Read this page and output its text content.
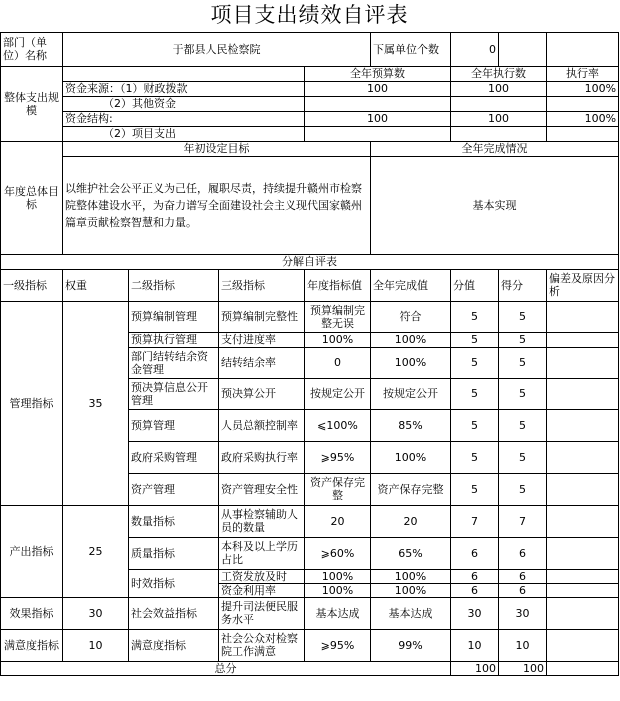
项目支出绩效自评表								
部门（单位）名称	于都县人民检察院				下属单位个数	0		
整体支出规模				全年预算数		全年执行数		执行率
	资金来源：（1）财政拨款			100		100		100%
	（2）其他资金							
	资金结构:			100		100		100%
	（2）项目支出							
年度总体目标	年初设定目标				全年完成情况			
	以维护社会公平正义为己任，履职尽责，持续提升赣州市检察院整体建设水平，为奋力谱写全面建设社会主义现代国家赣州篇章贡献检察智慧和力量。				基本实现			
分解自评表								
一级指标	权重	二级指标	三级指标	年度指标值	全年完成值	分值	得分	偏差及原因分析
管理指标	35	预算编制管理	预算编制完整性	预算编制完整无误	符合	5	5	
		预算执行管理	支付进度率	100%	100%	5	5	
		部门结转结余资金管理	结转结余率	0	100%	5	5	
		预决算信息公开管理	预决算公开	按规定公开	按规定公开	5	5	
		预算管理	人员总额控制率	⩽100%	85%	5	5	
		政府采购管理	政府采购执行率	⩾95%	100%	5	5	
		资产管理	资产管理安全性	资产保存完整	资产保存完整	5	5	
产出指标	25	数量指标	从事检察辅助人员的数量	20	20	7	7	
		质量指标	本科及以上学历占比	⩾60%	65%	6	6	
		时效指标	工资发放及时	100%	100%	6	6	
			资金利用率	100%	100%	6	6	
效果指标	30	社会效益指标	提升司法便民服务水平	基本达成	基本达成	30	30	
满意度指标	10	满意度指标	社会公众对检察院工作满意	⩾95%	99%	10	10	
总分						100	100	
